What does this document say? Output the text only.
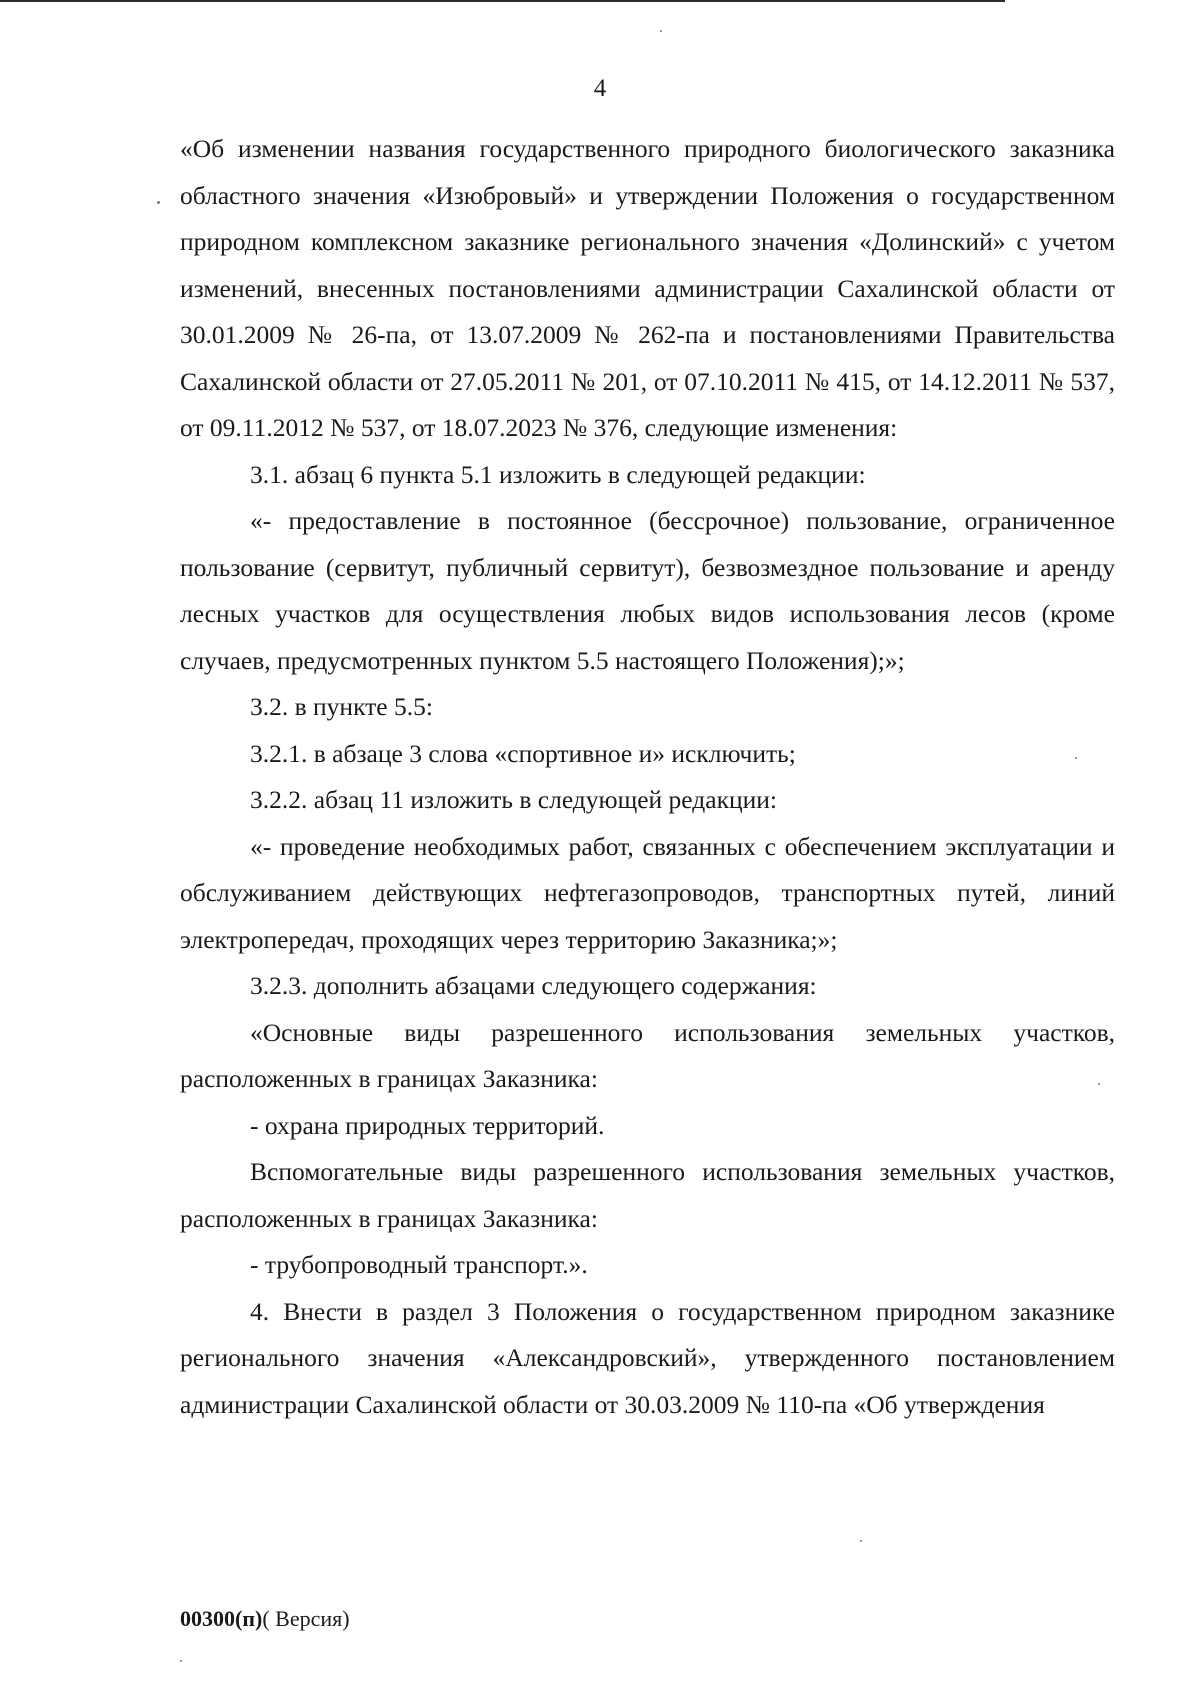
4

«Об изменении названия государственного природного биологического заказника областного значения «Изюбровый» и утверждении Положения о государственном природном комплексном заказнике регионального значения «Долинский» с учетом изменений, внесенных постановлениями администрации Сахалинской области от 30.01.2009 № 26-па, от 13.07.2009 № 262-па и постановлениями Правительства Сахалинской области от 27.05.2011 № 201, от 07.10.2011 № 415, от 14.12.2011 № 537, от 09.11.2012 № 537, от 18.07.2023 № 376, следующие изменения:

3.1. абзац 6 пункта 5.1 изложить в следующей редакции:

«- предоставление в постоянное (бессрочное) пользование, ограниченное пользование (сервитут, публичный сервитут), безвозмездное пользование и аренду лесных участков для осуществления любых видов использования лесов (кроме случаев, предусмотренных пунктом 5.5 настоящего Положения);»;

3.2. в пункте 5.5:

3.2.1. в абзаце 3 слова «спортивное и» исключить;

3.2.2. абзац 11 изложить в следующей редакции:

«- проведение необходимых работ, связанных с обеспечением эксплуатации и обслуживанием действующих нефтегазопроводов, транспортных путей, линий электропередач, проходящих через территорию Заказника;»;

3.2.3. дополнить абзацами следующего содержания:

«Основные виды разрешенного использования земельных участков, расположенных в границах Заказника:

- охрана природных территорий.

Вспомогательные виды разрешенного использования земельных участков, расположенных в границах Заказника:

- трубопроводный транспорт.».

4. Внести в раздел 3 Положения о государственном природном заказнике регионального значения «Александровский», утвержденного постановлением администрации Сахалинской области от 30.03.2009 № 110-па «Об утверждения

00300(п)( Версия)
